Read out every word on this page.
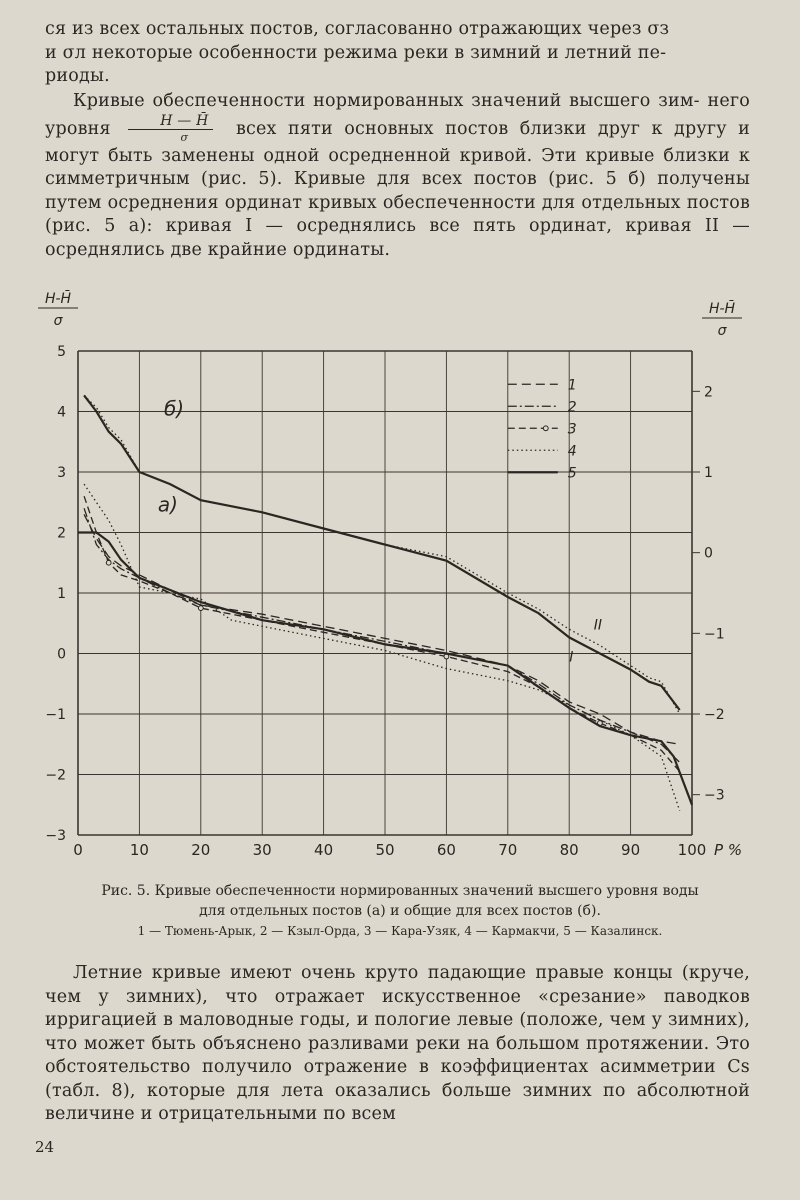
ся из всех остальных постов, согласованно отражающих через σз
и σл некоторые особенности режима реки в зимний и летний пе-
риоды.
Кривые обеспеченности нормированных значений высшего зим- него уровня $\frac{H — H̄}{\sigma}$ всех пяти основных постов близки друг к другу и могут быть заменены одной осредненной кривой. Эти кривые близки к симметричным (рис. 5). Кривые для всех постов (рис. 5 б) получены путем осреднения ординат кривых обеспеченности для отдельных постов (рис. 5 а): кривая I — осреднялись все пять ординат, кривая II — осреднялись две крайние ординаты.
0	10	20	30	40	50	60	70	80	90	100 P %
5
4
3
2
1
0
−1
−2
−3
2
1
0
−1
−2
−3
H-H̄
σ
H-H̄
σ
б)
а)
II
I
1
2
3
4
5
Рис. 5. Кривые обеспеченности нормированных значений высшего уровня воды
для отдельных постов (а) и общие для всех постов (б).
1 — Тюмень-Арык, 2 — Кзыл-Орда, 3 — Кара-Узяк, 4 — Кармакчи, 5 — Казалинск.
Летние кривые имеют очень круто падающие правые концы (круче, чем у зимних), что отражает искусственное «срезание» паводков ирригацией в маловодные годы, и пологие левые (положе, чем у зимних), что может быть объяснено разливами реки на большом протяжении. Это обстоятельство получило отражение в коэффициентах асимметрии Cs (табл. 8), которые для лета оказались больше зимних по абсолютной величине и отрицательными по всем
24
